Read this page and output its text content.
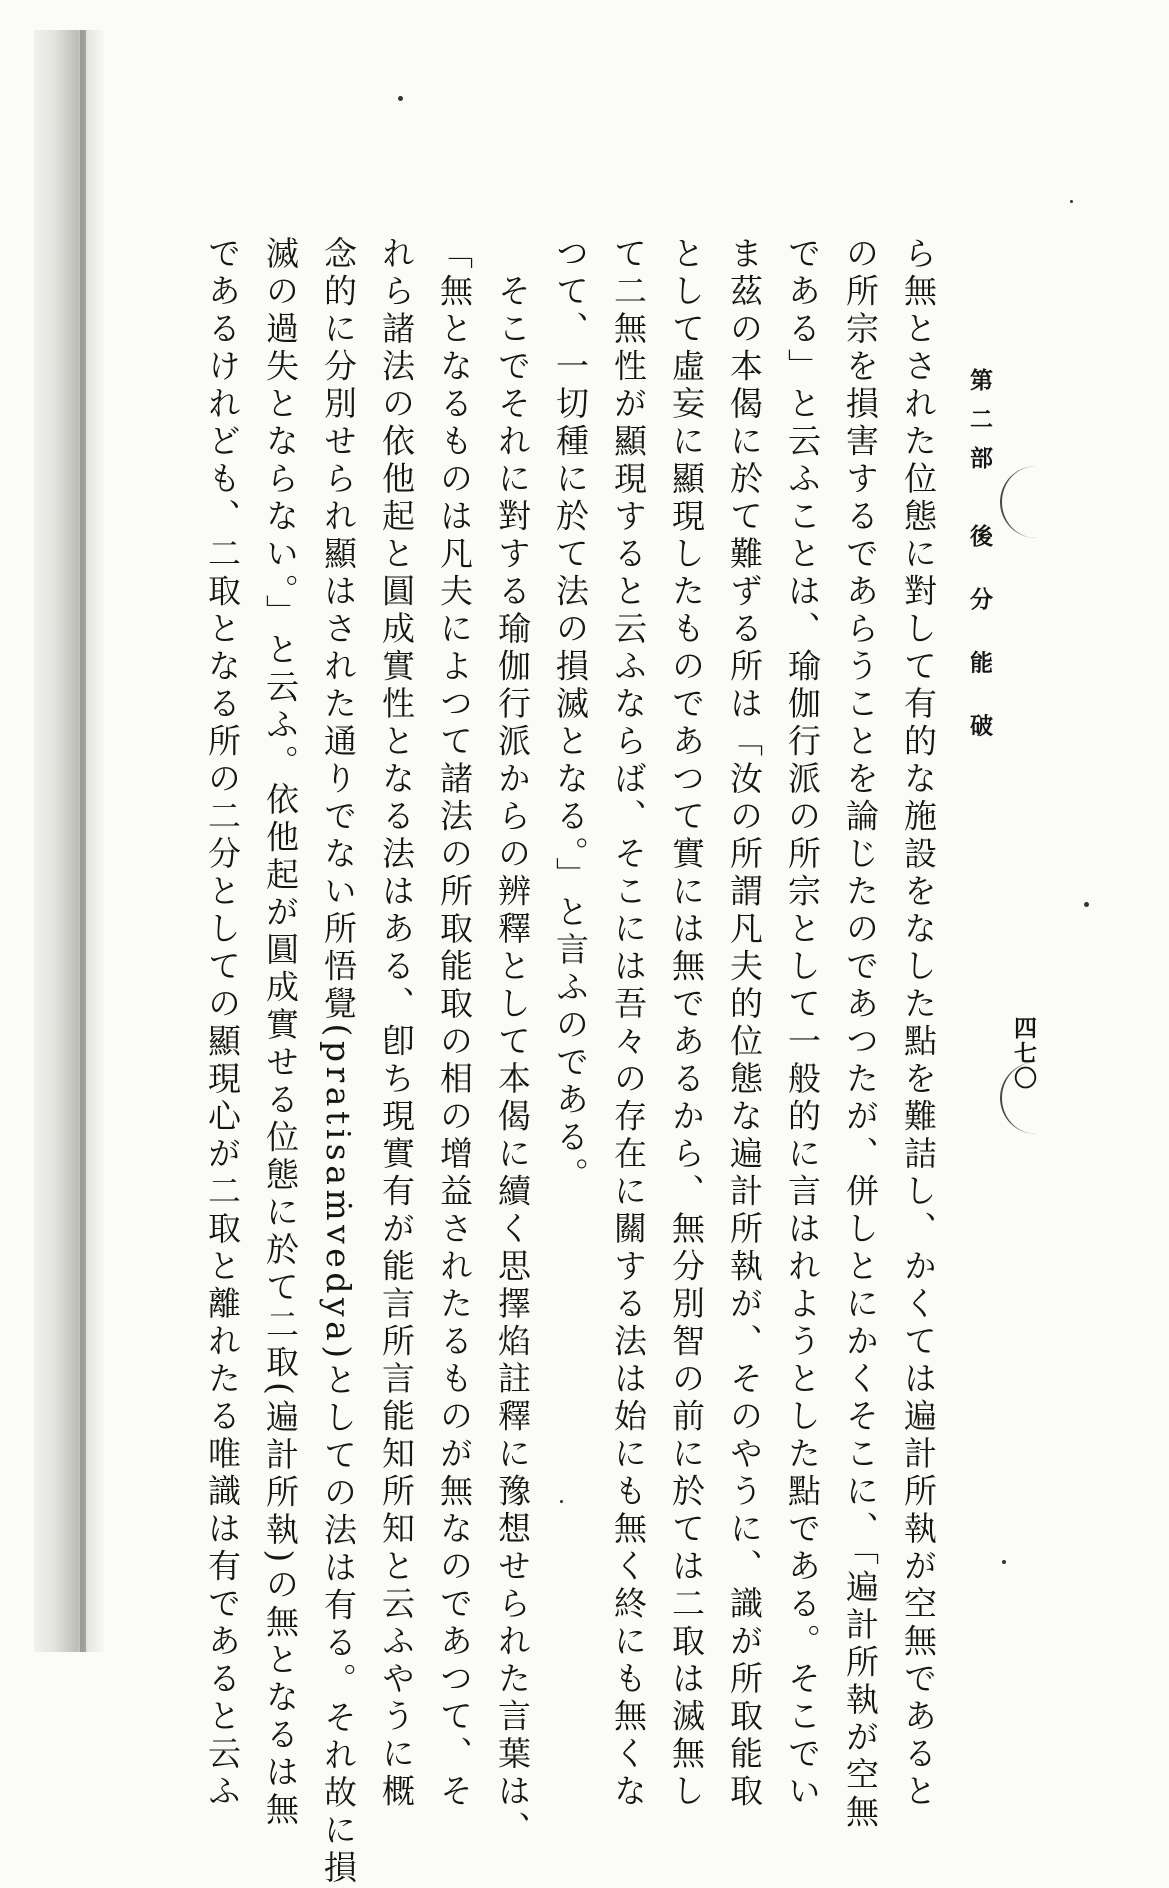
第二部　後 分 能 破
四七〇
ら無とされた位態に對して有的な施設をなした點を難詰し、かくては遍計所執が空無であると
の所宗を損害するであらうことを論じたのであつたが、併しとにかくそこに、「遍計所執が空無
である」と云ふことは、瑜伽行派の所宗として一般的に言はれようとした點である。そこでい
ま茲の本偈に於て難ずる所は「汝の所謂凡夫的位態な遍計所執が、そのやうに、識が所取能取
として虛妄に顯現したものであつて實には無であるから、無分別智の前に於ては二取は滅無し
て二無性が顯現すると云ふならば、そこには吾々の存在に關する法は始にも無く終にも無くな
つて、一切種に於て法の損滅となる。」と言ふのである。
　そこでそれに對する瑜伽行派からの辨釋として本偈に續く思擇焰註釋に豫想せられた言葉は、
「無となるものは凡夫によつて諸法の所取能取の相の增益されたるものが無なのであつて、そ
れら諸法の依他起と圓成實性となる法はある、卽ち現實有が能言所言能知所知と云ふやうに概
念的に分別せられ顯はされた通りでない所悟覺(pratisaṁvedya)としての法は有る。それ故に損
滅の過失とならない。」と云ふ。依他起が圓成實せる位態に於て二取(遍計所執)の無となるは無
であるけれども、二取となる所の二分としての顯現心が二取と離れたる唯識は有であると云ふ
